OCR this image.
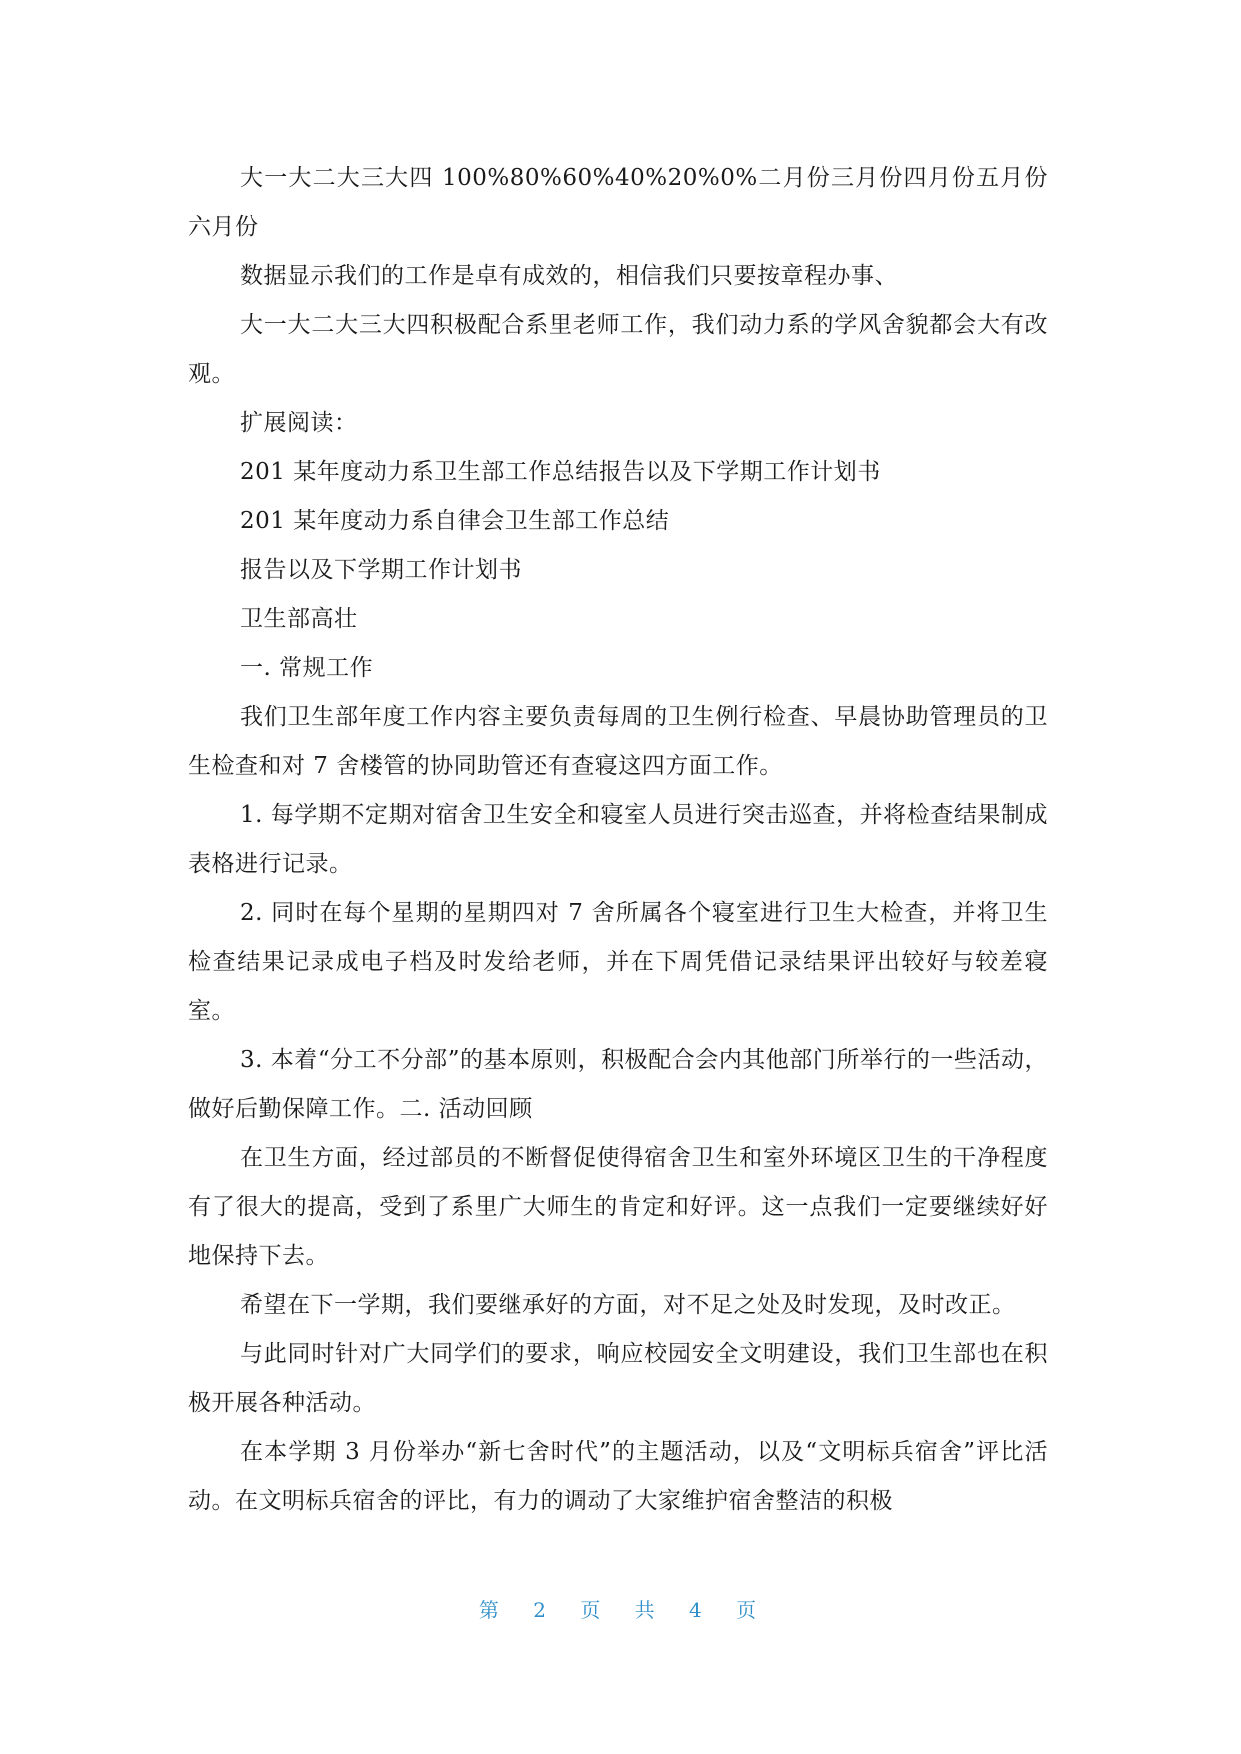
大一大二大三大四 100%80%60%40%20%0%二月份三月份四月份五月份六月份

数据显示我们的工作是卓有成效的，相信我们只要按章程办事、

大一大二大三大四积极配合系里老师工作，我们动力系的学风舍貌都会大有改观。

扩展阅读：

201 某年度动力系卫生部工作总结报告以及下学期工作计划书

201 某年度动力系自律会卫生部工作总结

报告以及下学期工作计划书

卫生部高壮

一. 常规工作

我们卫生部年度工作内容主要负责每周的卫生例行检查、早晨协助管理员的卫生检查和对 7 舍楼管的协同助管还有查寝这四方面工作。

1. 每学期不定期对宿舍卫生安全和寝室人员进行突击巡查，并将检查结果制成表格进行记录。

2. 同时在每个星期的星期四对 7 舍所属各个寝室进行卫生大检查，并将卫生检查结果记录成电子档及时发给老师，并在下周凭借记录结果评出较好与较差寝室。

3. 本着“分工不分部”的基本原则，积极配合会内其他部门所举行的一些活动，做好后勤保障工作。二. 活动回顾

在卫生方面，经过部员的不断督促使得宿舍卫生和室外环境区卫生的干净程度有了很大的提高，受到了系里广大师生的肯定和好评。这一点我们一定要继续好好地保持下去。

希望在下一学期，我们要继承好的方面，对不足之处及时发现，及时改正。

与此同时针对广大同学们的要求，响应校园安全文明建设，我们卫生部也在积极开展各种活动。

在本学期 3 月份举办“新七舍时代”的主题活动，以及“文明标兵宿舍”评比活动。在文明标兵宿舍的评比，有力的调动了大家维护宿舍整洁的积极

第 2 页 共 4 页
